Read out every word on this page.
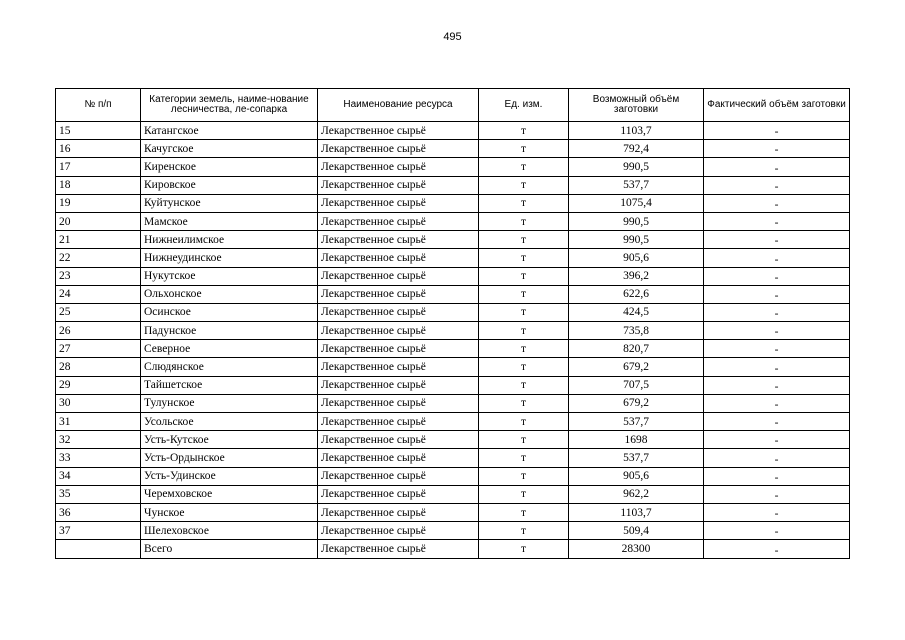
495
№ п/п	Категории земель, наиме-нование лесничества, ле-сопарка	Наименование ресурса	Ед. изм.	Возможный объём заготовки	Фактический объём заготовки
15	Катангское	Лекарственное сырьё	т	1103,7	-
16	Качугское	Лекарственное сырьё	т	792,4	-
17	Киренское	Лекарственное сырьё	т	990,5	-
18	Кировское	Лекарственное сырьё	т	537,7	-
19	Куйтунское	Лекарственное сырьё	т	1075,4	-
20	Мамское	Лекарственное сырьё	т	990,5	-
21	Нижнеилимское	Лекарственное сырьё	т	990,5	-
22	Нижнеудинское	Лекарственное сырьё	т	905,6	-
23	Нукутское	Лекарственное сырьё	т	396,2	-
24	Ольхонское	Лекарственное сырьё	т	622,6	-
25	Осинское	Лекарственное сырьё	т	424,5	-
26	Падунское	Лекарственное сырьё	т	735,8	-
27	Северное	Лекарственное сырьё	т	820,7	-
28	Слюдянское	Лекарственное сырьё	т	679,2	-
29	Тайшетское	Лекарственное сырьё	т	707,5	-
30	Тулунское	Лекарственное сырьё	т	679,2	-
31	Усольское	Лекарственное сырьё	т	537,7	-
32	Усть-Кутское	Лекарственное сырьё	т	1698	-
33	Усть-Ордынское	Лекарственное сырьё	т	537,7	-
34	Усть-Удинское	Лекарственное сырьё	т	905,6	-
35	Черемховское	Лекарственное сырьё	т	962,2	-
36	Чунское	Лекарственное сырьё	т	1103,7	-
37	Шелеховское	Лекарственное сырьё	т	509,4	-
	Всего	Лекарственное сырьё	т	28300	-
